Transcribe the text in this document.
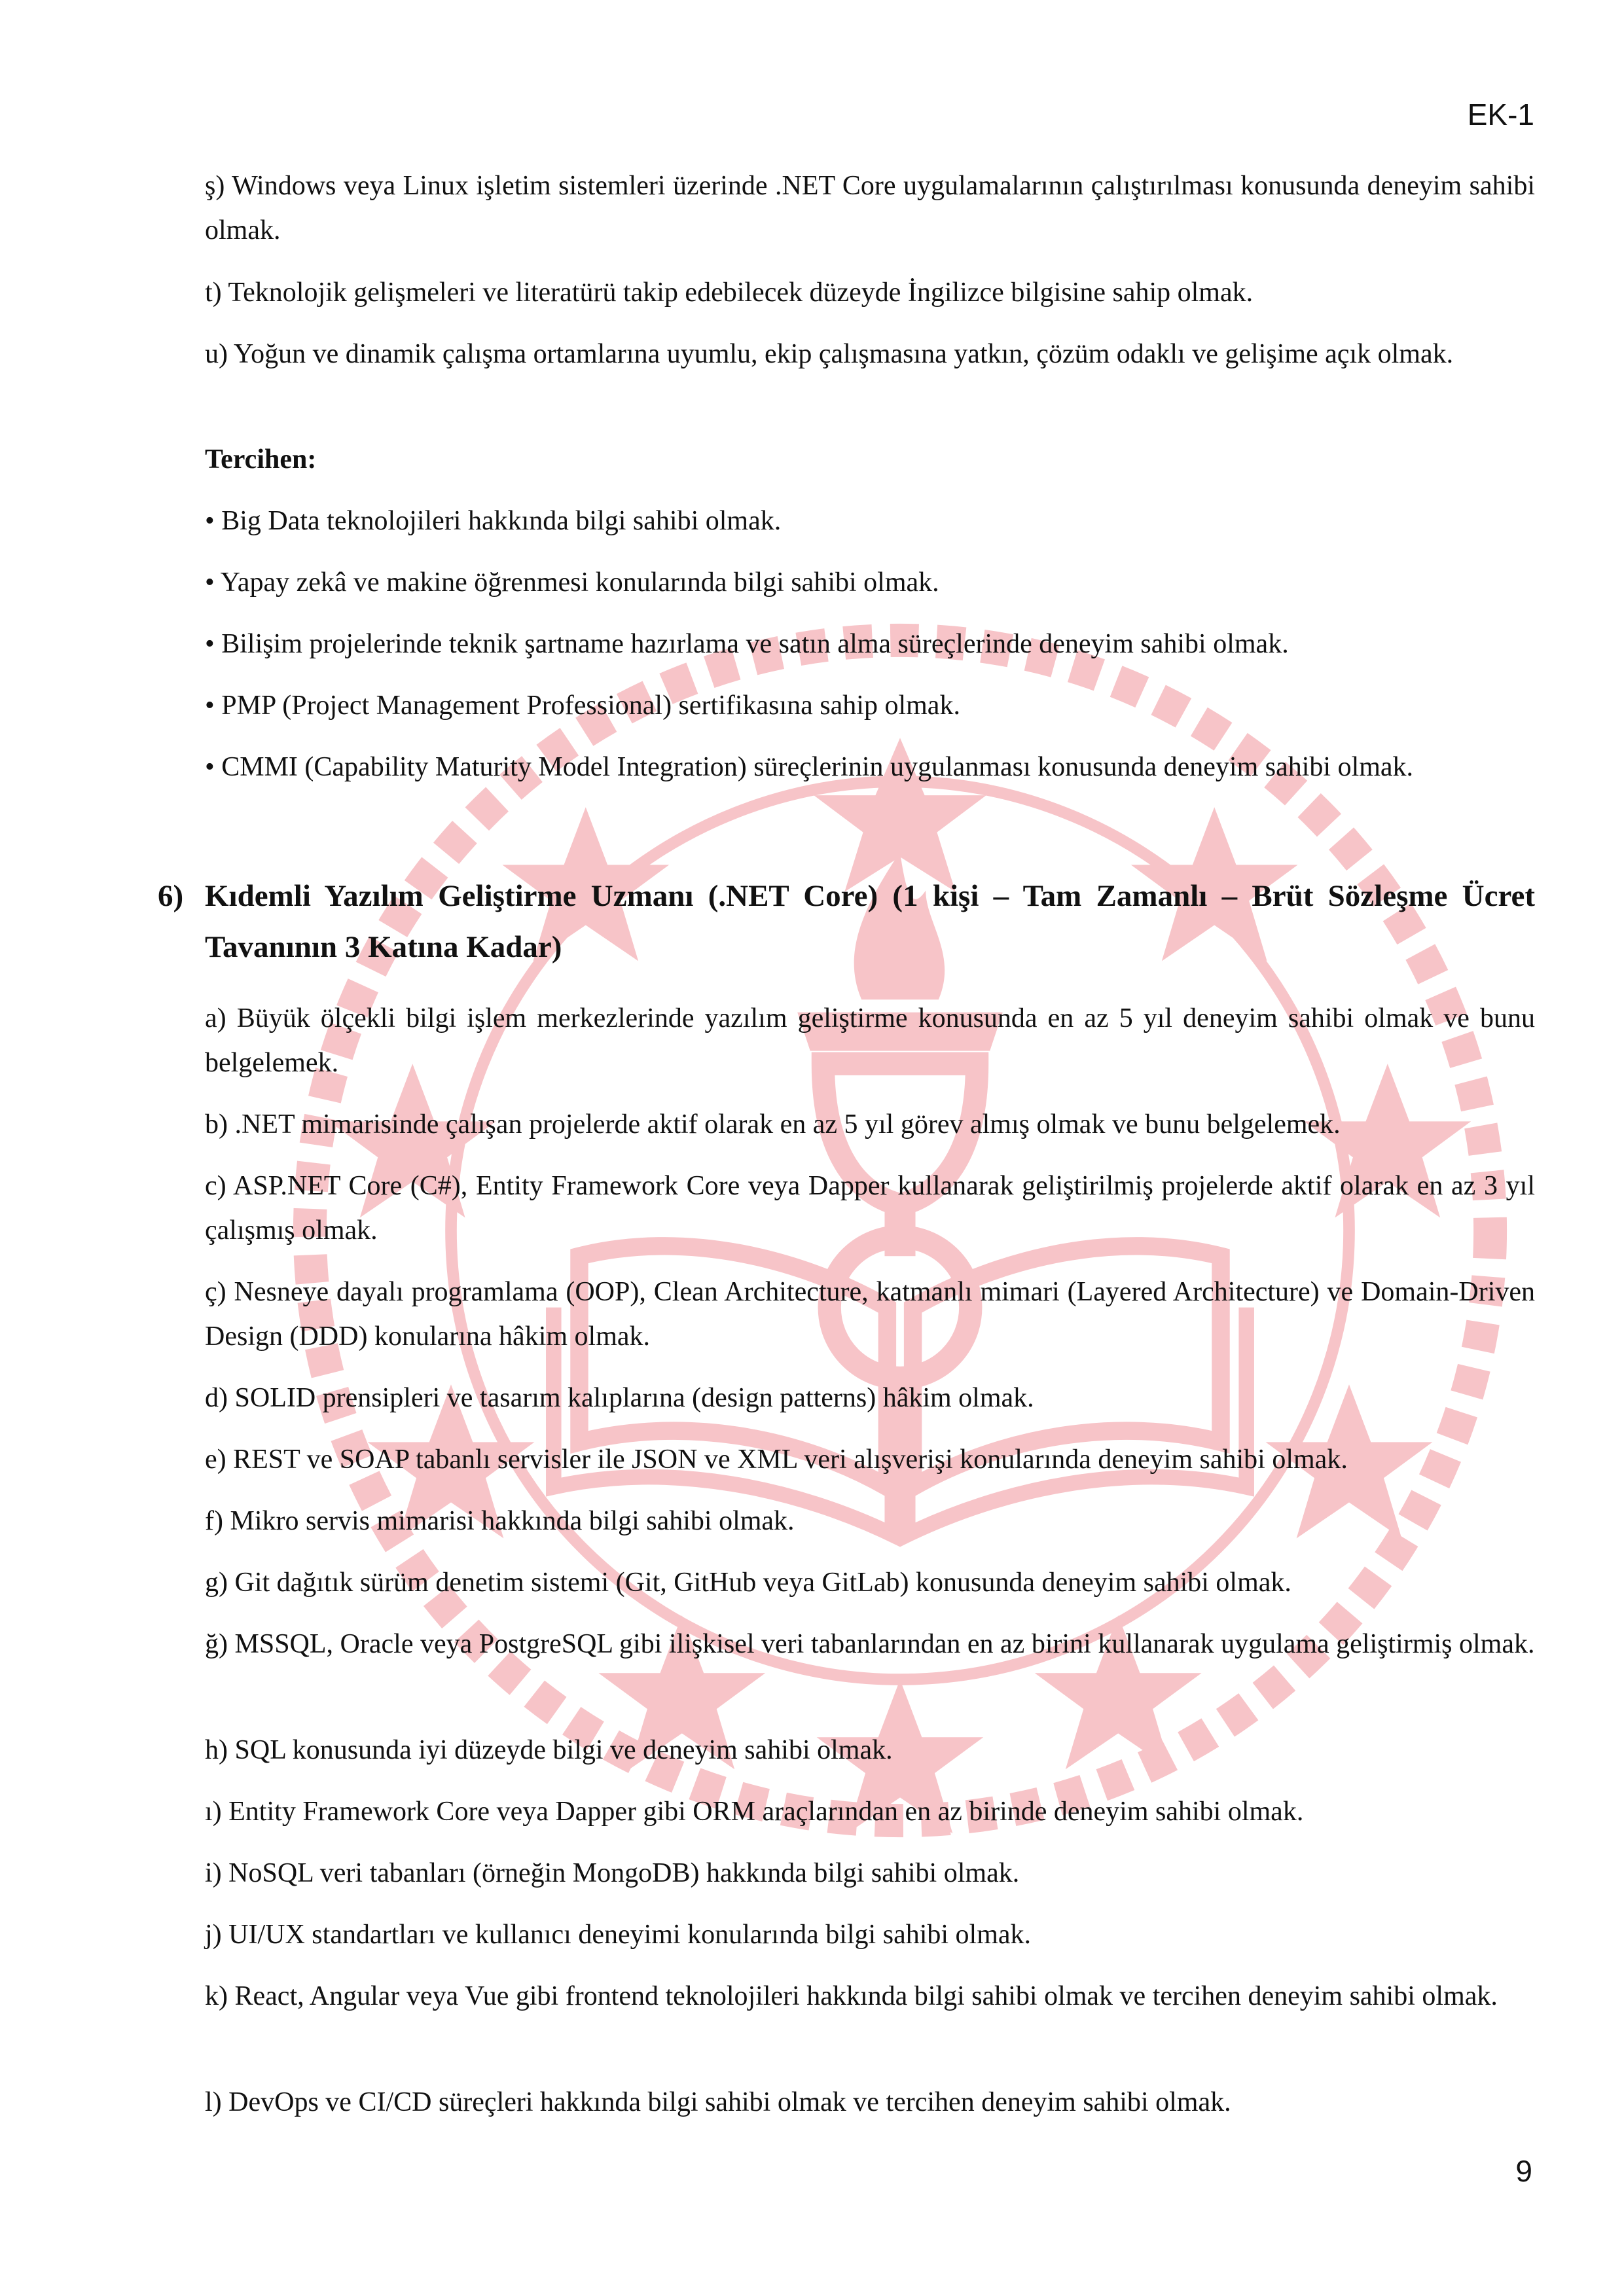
EK-1
ş) Windows veya Linux işletim sistemleri üzerinde .NET Core uygulamalarının çalıştırılması konusunda deneyim sahibi olmak.
t) Teknolojik gelişmeleri ve literatürü takip edebilecek düzeyde İngilizce bilgisine sahip olmak.
u) Yoğun ve dinamik çalışma ortamlarına uyumlu, ekip çalışmasına yatkın, çözüm odaklı ve gelişime açık olmak.
Tercihen:
• Big Data teknolojileri hakkında bilgi sahibi olmak.
• Yapay zekâ ve makine öğrenmesi konularında bilgi sahibi olmak.
• Bilişim projelerinde teknik şartname hazırlama ve satın alma süreçlerinde deneyim sahibi olmak.
• PMP (Project Management Professional) sertifikasına sahip olmak.
• CMMI (Capability Maturity Model Integration) süreçlerinin uygulanması konusunda deneyim sahibi olmak.
6) Kıdemli Yazılım Geliştirme Uzmanı (.NET Core) (1 kişi – Tam Zamanlı – Brüt Sözleşme Ücret Tavanının 3 Katına Kadar)
a) Büyük ölçekli bilgi işlem merkezlerinde yazılım geliştirme konusunda en az 5 yıl deneyim sahibi olmak ve bunu belgelemek.
b) .NET mimarisinde çalışan projelerde aktif olarak en az 5 yıl görev almış olmak ve bunu belgelemek.
c) ASP.NET Core (C#), Entity Framework Core veya Dapper kullanarak geliştirilmiş projelerde aktif olarak en az 3 yıl çalışmış olmak.
ç) Nesneye dayalı programlama (OOP), Clean Architecture, katmanlı mimari (Layered Architecture) ve Domain-Driven Design (DDD) konularına hâkim olmak.
d) SOLID prensipleri ve tasarım kalıplarına (design patterns) hâkim olmak.
e) REST ve SOAP tabanlı servisler ile JSON ve XML veri alışverişi konularında deneyim sahibi olmak.
f) Mikro servis mimarisi hakkında bilgi sahibi olmak.
g) Git dağıtık sürüm denetim sistemi (Git, GitHub veya GitLab) konusunda deneyim sahibi olmak.
ğ) MSSQL, Oracle veya PostgreSQL gibi ilişkisel veri tabanlarından en az birini kullanarak uygulama geliştirmiş olmak.
h) SQL konusunda iyi düzeyde bilgi ve deneyim sahibi olmak.
ı) Entity Framework Core veya Dapper gibi ORM araçlarından en az birinde deneyim sahibi olmak.
i) NoSQL veri tabanları (örneğin MongoDB) hakkında bilgi sahibi olmak.
j) UI/UX standartları ve kullanıcı deneyimi konularında bilgi sahibi olmak.
k) React, Angular veya Vue gibi frontend teknolojileri hakkında bilgi sahibi olmak ve tercihen deneyim sahibi olmak.
l) DevOps ve CI/CD süreçleri hakkında bilgi sahibi olmak ve tercihen deneyim sahibi olmak.
9
